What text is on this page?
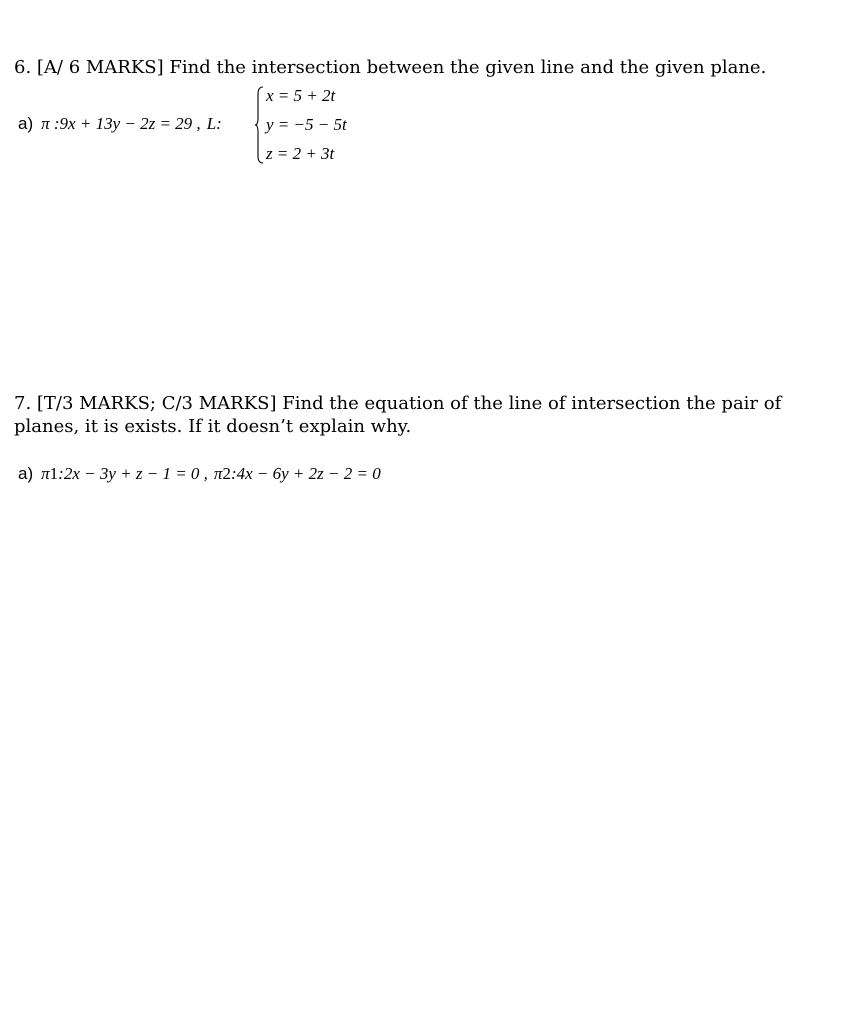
6. [A/ 6 MARKS] Find the intersection between the given line and the given plane.

a) π :9x + 13y − 2z = 29 , L:
x = 5 + 2t
y = −5 − 5t
z = 2 + 3t

7. [T/3 MARKS; C/3 MARKS] Find the equation of the line of intersection the pair of

planes, it is exists. If it doesn’t explain why.

a) π 1 :2x − 3y + z − 1 = 0 , π 2 :4x − 6y + 2z − 2 = 0
